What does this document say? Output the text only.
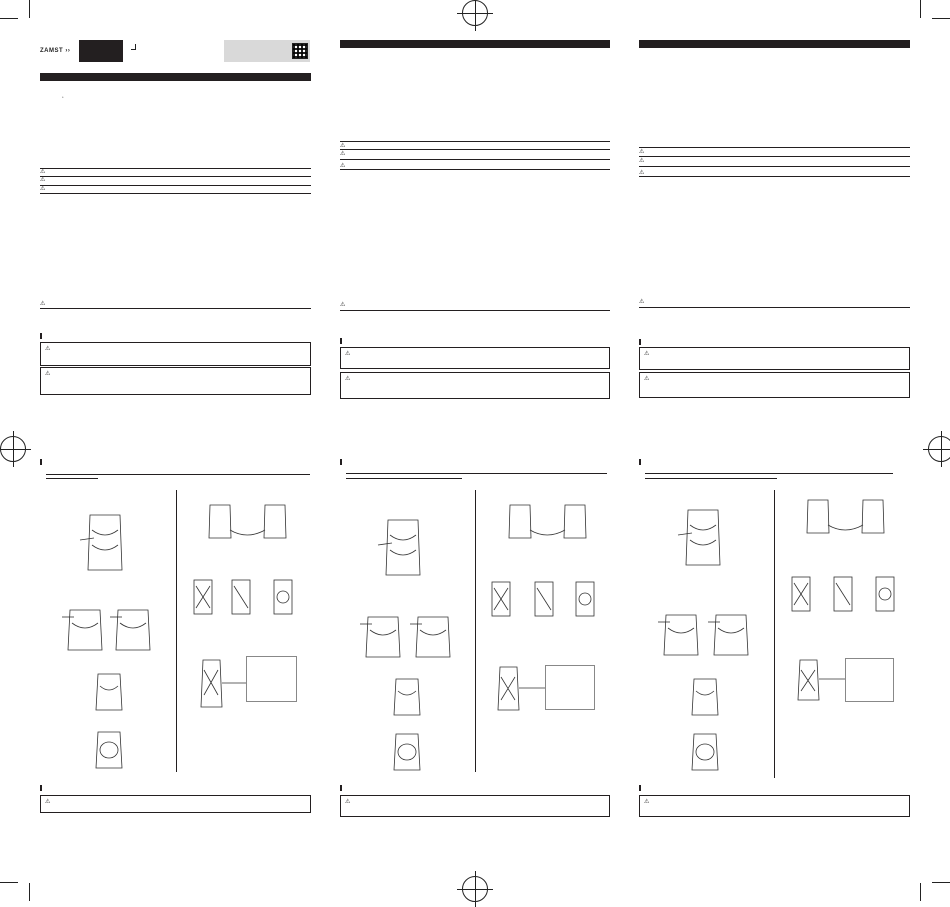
ZAMST ››
*
⚠
⚠
⚠
⚠
⚠
⚠
⚠
⚠
⚠
⚠
⚠
⚠
⚠
⚠
⚠
⚠
⚠
⚠
⚠
⚠
⚠
